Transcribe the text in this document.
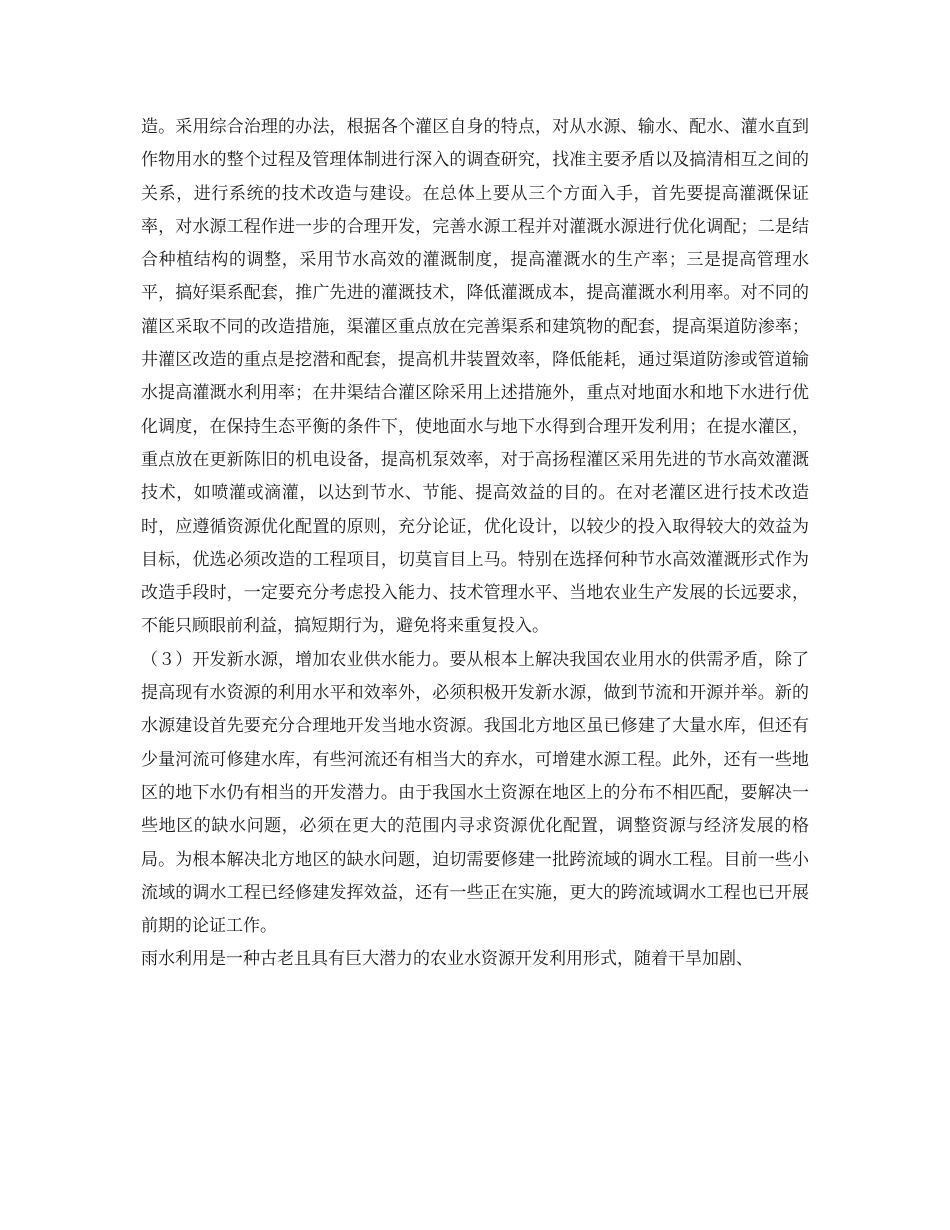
造。采用综合治理的办法，根据各个灌区自身的特点，对从水源、输水、配水、灌水直到作物用水的整个过程及管理体制进行深入的调查研究，找准主要矛盾以及搞清相互之间的关系，进行系统的技术改造与建设。在总体上要从三个方面入手，首先要提高灌溉保证率，对水源工程作进一步的合理开发，完善水源工程并对灌溉水源进行优化调配；二是结合种植结构的调整，采用节水高效的灌溉制度，提高灌溉水的生产率；三是提高管理水平，搞好渠系配套，推广先进的灌溉技术，降低灌溉成本，提高灌溉水利用率。对不同的灌区采取不同的改造措施，渠灌区重点放在完善渠系和建筑物的配套，提高渠道防渗率；井灌区改造的重点是挖潜和配套，提高机井装置效率，降低能耗，通过渠道防渗或管道输水提高灌溉水利用率；在井渠结合灌区除采用上述措施外，重点对地面水和地下水进行优化调度，在保持生态平衡的条件下，使地面水与地下水得到合理开发利用；在提水灌区，重点放在更新陈旧的机电设备，提高机泵效率，对于高扬程灌区采用先进的节水高效灌溉技术，如喷灌或滴灌，以达到节水、节能、提高效益的目的。在对老灌区进行技术改造时，应遵循资源优化配置的原则，充分论证，优化设计，以较少的投入取得较大的效益为目标，优选必须改造的工程项目，切莫盲目上马。特别在选择何种节水高效灌溉形式作为改造手段时，一定要充分考虑投入能力、技术管理水平、当地农业生产发展的长远要求，不能只顾眼前利益，搞短期行为，避免将来重复投入。

（３）开发新水源，增加农业供水能力。要从根本上解决我国农业用水的供需矛盾，除了提高现有水资源的利用水平和效率外，必须积极开发新水源，做到节流和开源并举。新的水源建设首先要充分合理地开发当地水资源。我国北方地区虽已修建了大量水库，但还有少量河流可修建水库，有些河流还有相当大的弃水，可增建水源工程。此外，还有一些地区的地下水仍有相当的开发潜力。由于我国水土资源在地区上的分布不相匹配，要解决一些地区的缺水问题，必须在更大的范围内寻求资源优化配置，调整资源与经济发展的格局。为根本解决北方地区的缺水问题，迫切需要修建一批跨流域的调水工程。目前一些小流域的调水工程已经修建发挥效益，还有一些正在实施，更大的跨流域调水工程也已开展前期的论证工作。

雨水利用是一种古老且具有巨大潜力的农业水资源开发利用形式，随着干旱加剧、
